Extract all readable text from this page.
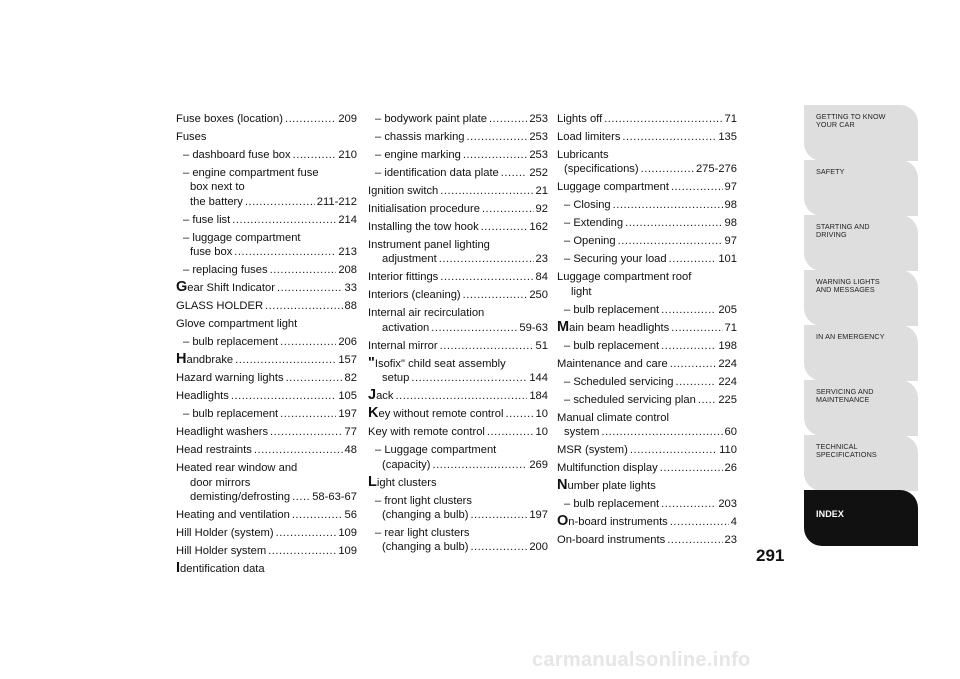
Fuse boxes (location) .....	209
Fuses
– dashboard fuse box .....	210
– engine compartment fuse
box next to
the battery .....	211-212
– fuse list .....	214
– luggage compartment
fuse box .....	213
– replacing fuses .....	208
Gear Shift Indicator .....	33
GLASS HOLDER .....	88
Glove compartment light
– bulb replacement .....	206
Handbrake .....	157
Hazard warning lights .....	82
Headlights .....	105
– bulb replacement .....	197
Headlight washers .....	77
Head restraints .....	48
Heated rear window and
door mirrors
demisting/defrosting ..... 58-63-67
Heating and ventilation .....	56
Hill Holder (system) .....	109
Hill Holder system .....	109
Identification data
– bodywork paint plate .....	253
– chassis marking .....	253
– engine marking .....	253
– identification data plate .....	252
Ignition switch .....	21
Initialisation procedure .....	92
Installing the tow hook .....	162
Instrument panel lighting
adjustment .....	23
Interior fittings .....	84
Interiors (cleaning) .....	250
Internal air recirculation
activation .....	59-63
Internal mirror .....	51
"Isofix" child seat assembly
setup .....	144
Jack .....	184
Key without remote control .....	10
Key with remote control .....	10
– Luggage compartment
(capacity) .....	269
Light clusters
– front light clusters
(changing a bulb) .....	197
– rear light clusters
(changing a bulb) .....	200
Lights off .....	71
Load limiters .....	135
Lubricants
(specifications) .....	275-276
Luggage compartment .....	97
– Closing .....	98
– Extending .....	98
– Opening .....	97
– Securing your load .....	101
Luggage compartment roof
light
– bulb replacement .....	205
Main beam headlights .....	71
– bulb replacement .....	198
Maintenance and care .....	224
– Scheduled servicing .....	224
– scheduled servicing plan ..... 225
Manual climate control
system .....	60
MSR (system) .....	110
Multifunction display .....	26
Number plate lights
– bulb replacement .....	203
On-board instruments .....	4
On-board instruments .....	23
GETTING TO KNOW
YOUR CAR
SAFETY
STARTING AND
DRIVING
WARNING LIGHTS
AND MESSAGES
IN AN EMERGENCY
SERVICING AND
MAINTENANCE
TECHNICAL
SPECIFICATIONS
INDEX
291
carmanualsonline.info
